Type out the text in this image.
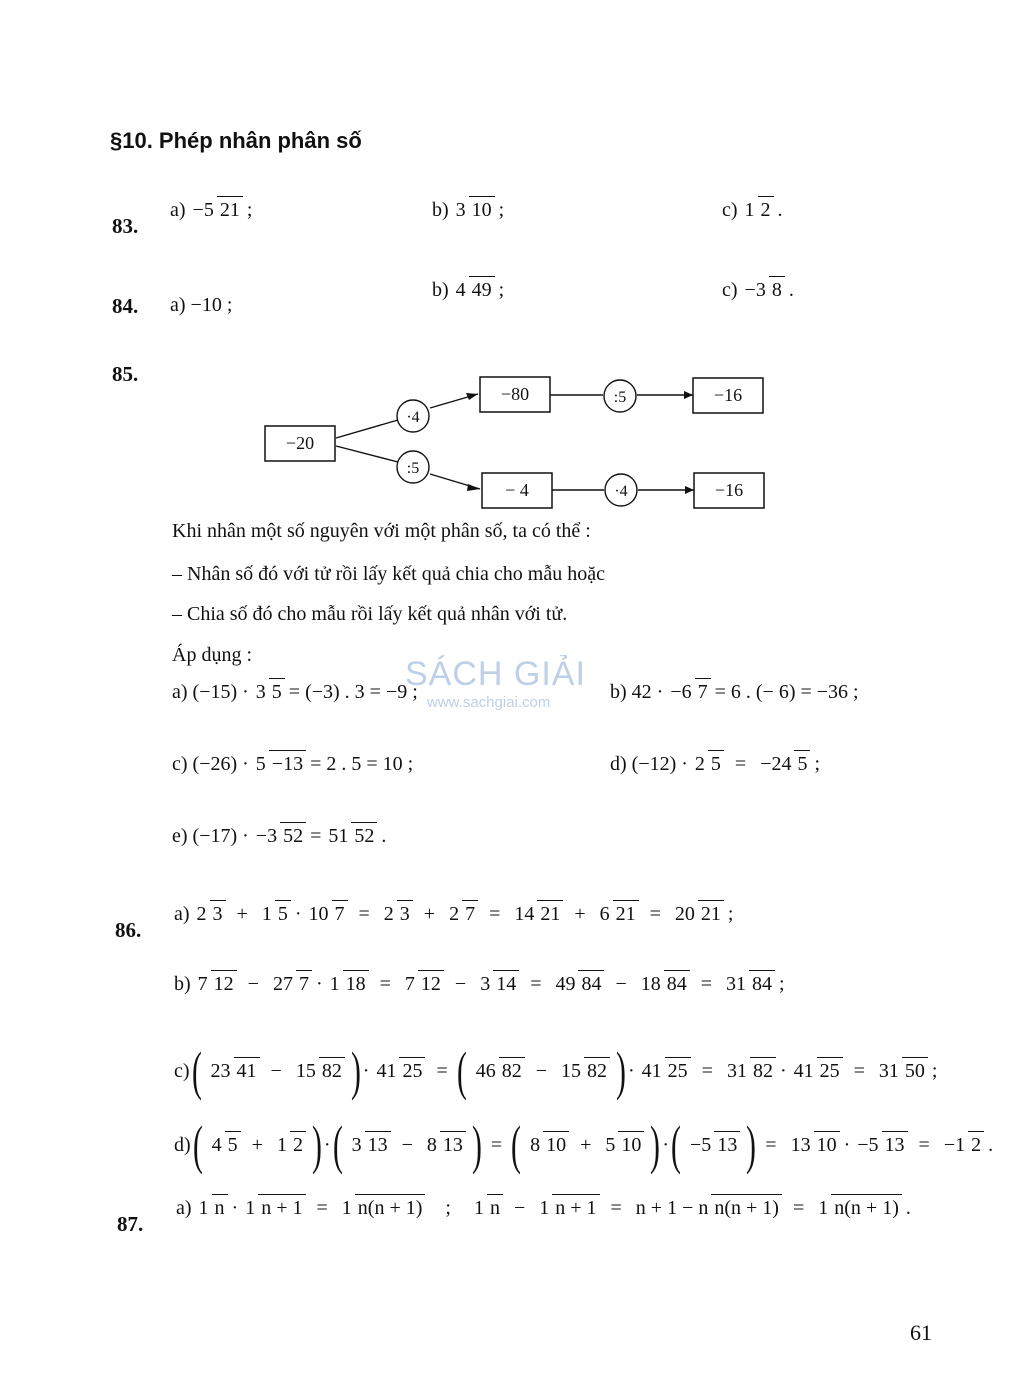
§10. Phép nhân phân số
SÁCH GIẢI
www.sachgiai.com
83.
a) −5 21 ;	b) 3 10 ;	c) 1 2 .
84. a) −10 ;
b) 4 49 ;	c) −3 8 .
85.
−20
−80	−16
− 4	−16
·4
:5
:5
·4
Khi nhân một số nguyên với một phân số, ta có thể :
– Nhân số đó với tử rồi lấy kết quả chia cho mẫu hoặc
– Chia số đó cho mẫu rồi lấy kết quả nhân với tử.
Áp dụng :
a) (−15) · 3 5 = (−3) . 3 = −9 ;	b) 42 · −6 7 = 6 . (− 6) = −36 ;
c) (−26) · 5 −13 = 2 . 5 = 10 ;	d) (−12) · 2 5 = −24 5 ;
e) (−17) · −3 52 = 51 52 .
86.
a) 2 3 + 1 5 · 10 7 = 2 3 + 2 7 = 14 21 + 6 21 = 20 21 ;
b) 7 12 − 27 7 · 1 18 = 7 12 − 3 14 = 49 84 − 18 84 = 31 84 ;
c) ( 23 41 − 15 82 ) · 41 25 = ( 46 82 − 15 82 ) · 41 25 = 31 82 · 41 25 = 31 50 ;
d) ( 4 5 + 1 2 ) · ( 3 13 − 8 13 ) = ( 8 10 + 5 10 ) · ( −5 13 ) = 13 10 · −5 13 = −1 2 .
87.
a) 1 n · 1 n + 1 = 1 n(n + 1) ; 1 n − 1 n + 1 = n + 1 − n n(n + 1) = 1 n(n + 1) .
61
